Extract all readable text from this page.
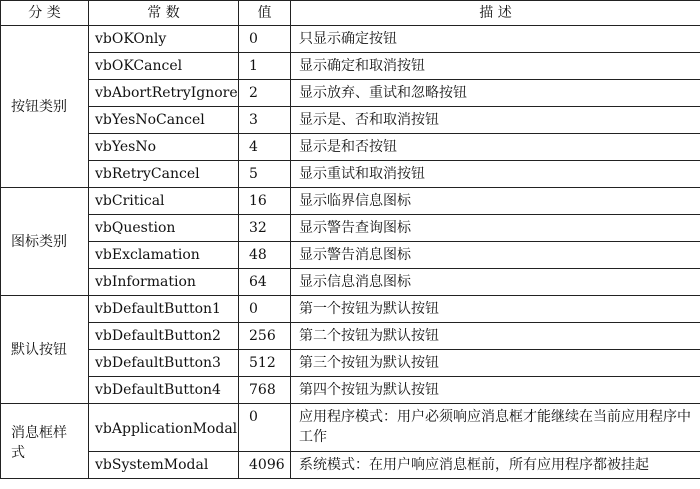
分 类	常 数	值	描 述
按钮类别	vbOKOnly	0	只显示确定按钮
	vbOKCancel	1	显示确定和取消按钮
	vbAbortRetryIgnore	2	显示放弃、重试和忽略按钮
	vbYesNoCancel	3	显示是、否和取消按钮
	vbYesNo	4	显示是和否按钮
	vbRetryCancel	5	显示重试和取消按钮
图标类别	vbCritical	16	显示临界信息图标
	vbQuestion	32	显示警告查询图标
	vbExclamation	48	显示警告消息图标
	vbInformation	64	显示信息消息图标
默认按钮	vbDefaultButton1	0	第一个按钮为默认按钮
	vbDefaultButton2	256	第二个按钮为默认按钮
	vbDefaultButton3	512	第三个按钮为默认按钮
	vbDefaultButton4	768	第四个按钮为默认按钮
消息框样式	vbApplicationModal	0	应用程序模式：用户必须响应消息框才能继续在当前应用程序中工作
	vbSystemModal	4096	系统模式：在用户响应消息框前，所有应用程序都被挂起
